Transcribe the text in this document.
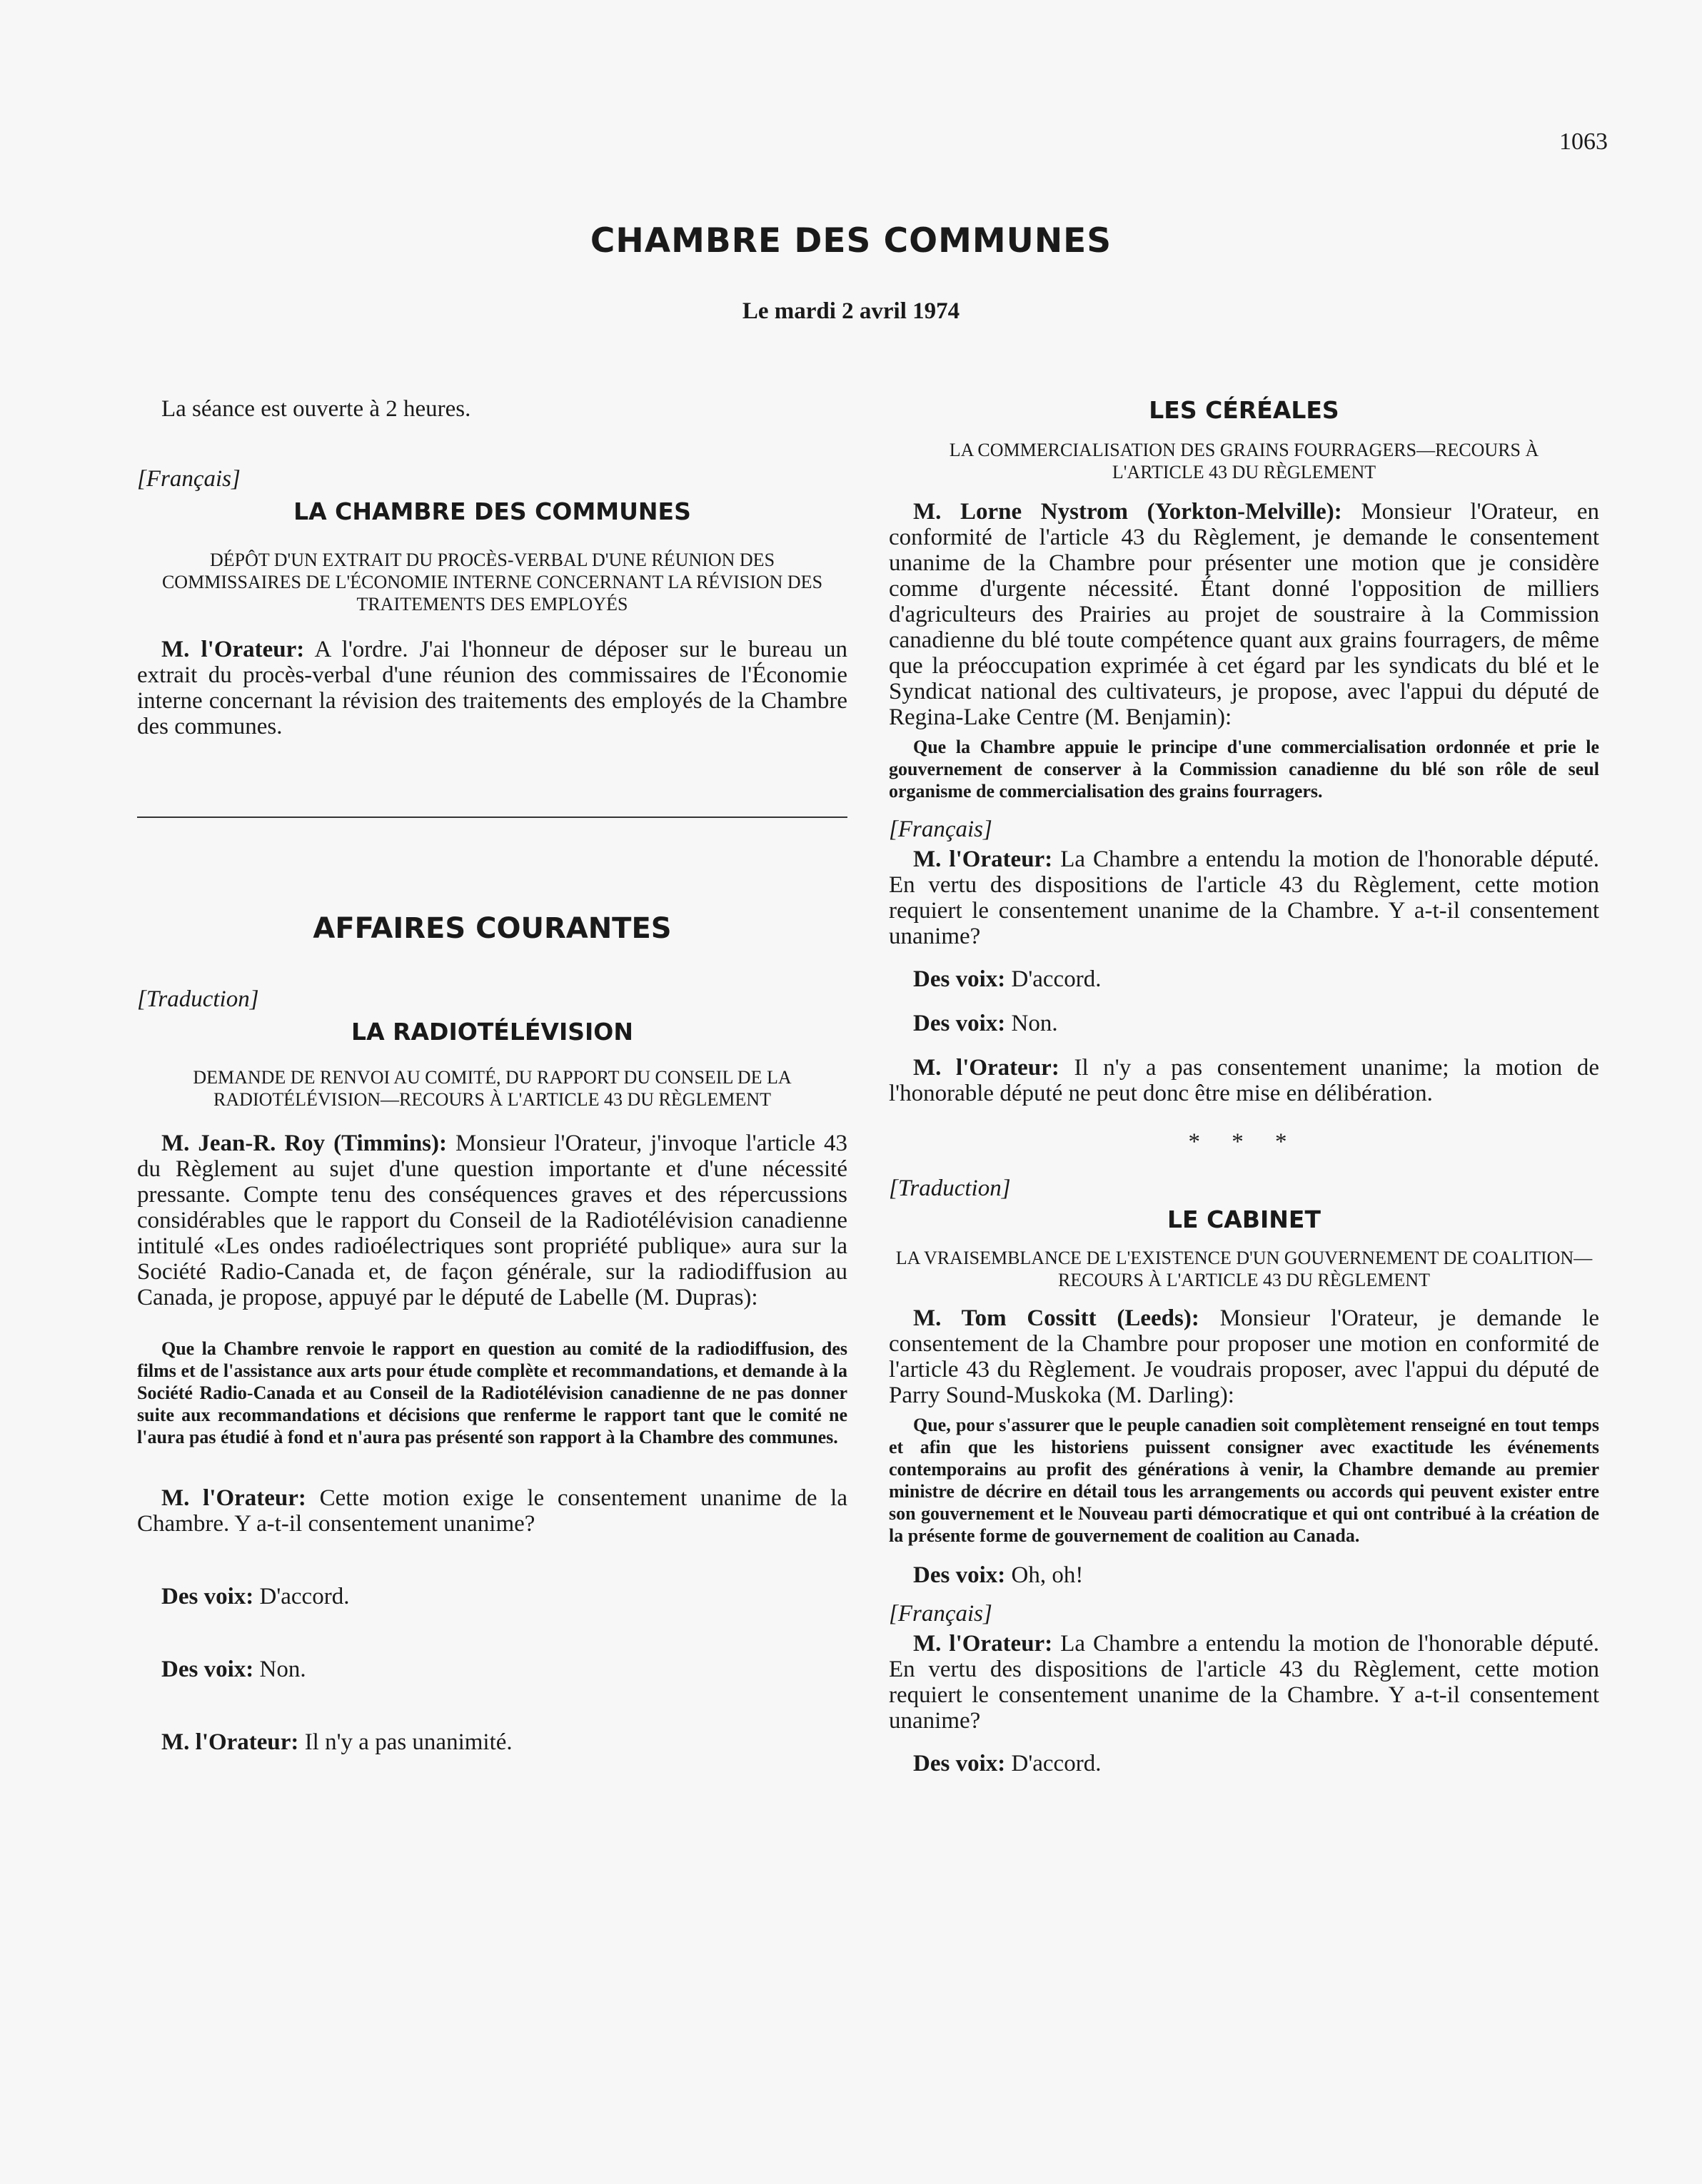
1063
CHAMBRE DES COMMUNES
Le mardi 2 avril 1974

La séance est ouverte à 2 heures.

[Français]

LA CHAMBRE DES COMMUNES
DÉPÔT D'UN EXTRAIT DU PROCÈS-VERBAL D'UNE RÉUNION DES COMMISSAIRES DE L'ÉCONOMIE INTERNE CONCERNANT LA RÉVISION DES TRAITEMENTS DES EMPLOYÉS

M. l'Orateur: A l'ordre. J'ai l'honneur de déposer sur le bureau un extrait du procès-verbal d'une réunion des commissaires de l'Économie interne concernant la révision des traitements des employés de la Chambre des communes.

AFFAIRES COURANTES

[Traduction]

LA RADIOTÉLÉVISION
DEMANDE DE RENVOI AU COMITÉ, DU RAPPORT DU CONSEIL DE LA RADIOTÉLÉVISION—RECOURS À L'ARTICLE 43 DU RÈGLEMENT

M. Jean-R. Roy (Timmins): Monsieur l'Orateur, j'invoque l'article 43 du Règlement au sujet d'une question importante et d'une nécessité pressante. Compte tenu des conséquences graves et des répercussions considérables que le rapport du Conseil de la Radiotélévision canadienne intitulé «Les ondes radioélectriques sont propriété publique» aura sur la Société Radio-Canada et, de façon générale, sur la radiodiffusion au Canada, je propose, appuyé par le député de Labelle (M. Dupras):

Que la Chambre renvoie le rapport en question au comité de la radiodiffusion, des films et de l'assistance aux arts pour étude complète et recommandations, et demande à la Société Radio-Canada et au Conseil de la Radiotélévision canadienne de ne pas donner suite aux recommandations et décisions que renferme le rapport tant que le comité ne l'aura pas étudié à fond et n'aura pas présenté son rapport à la Chambre des communes.

M. l'Orateur: Cette motion exige le consentement unanime de la Chambre. Y a-t-il consentement unanime?

Des voix: D'accord.

Des voix: Non.

M. l'Orateur: Il n'y a pas unanimité.

LES CÉRÉALES
LA COMMERCIALISATION DES GRAINS FOURRAGERS—RECOURS À L'ARTICLE 43 DU RÈGLEMENT

M. Lorne Nystrom (Yorkton-Melville): Monsieur l'Orateur, en conformité de l'article 43 du Règlement, je demande le consentement unanime de la Chambre pour présenter une motion que je considère comme d'urgente nécessité. Étant donné l'opposition de milliers d'agriculteurs des Prairies au projet de soustraire à la Commission canadienne du blé toute compétence quant aux grains fourragers, de même que la préoccupation exprimée à cet égard par les syndicats du blé et le Syndicat national des cultivateurs, je propose, avec l'appui du député de Regina-Lake Centre (M. Benjamin):

Que la Chambre appuie le principe d'une commercialisation ordonnée et prie le gouvernement de conserver à la Commission canadienne du blé son rôle de seul organisme de commercialisation des grains fourragers.

[Français]

M. l'Orateur: La Chambre a entendu la motion de l'honorable député. En vertu des dispositions de l'article 43 du Règlement, cette motion requiert le consentement unanime de la Chambre. Y a-t-il consentement unanime?

Des voix: D'accord.

Des voix: Non.

M. l'Orateur: Il n'y a pas consentement unanime; la motion de l'honorable député ne peut donc être mise en délibération.

* * *

[Traduction]

LE CABINET
LA VRAISEMBLANCE DE L'EXISTENCE D'UN GOUVERNEMENT DE COALITION—RECOURS À L'ARTICLE 43 DU RÈGLEMENT

M. Tom Cossitt (Leeds): Monsieur l'Orateur, je demande le consentement de la Chambre pour proposer une motion en conformité de l'article 43 du Règlement. Je voudrais proposer, avec l'appui du député de Parry Sound-Muskoka (M. Darling):

Que, pour s'assurer que le peuple canadien soit complètement renseigné en tout temps et afin que les historiens puissent consigner avec exactitude les événements contemporains au profit des générations à venir, la Chambre demande au premier ministre de décrire en détail tous les arrangements ou accords qui peuvent exister entre son gouvernement et le Nouveau parti démocratique et qui ont contribué à la création de la présente forme de gouvernement de coalition au Canada.

Des voix: Oh, oh!

[Français]

M. l'Orateur: La Chambre a entendu la motion de l'honorable député. En vertu des dispositions de l'article 43 du Règlement, cette motion requiert le consentement unanime de la Chambre. Y a-t-il consentement unanime?

Des voix: D'accord.
